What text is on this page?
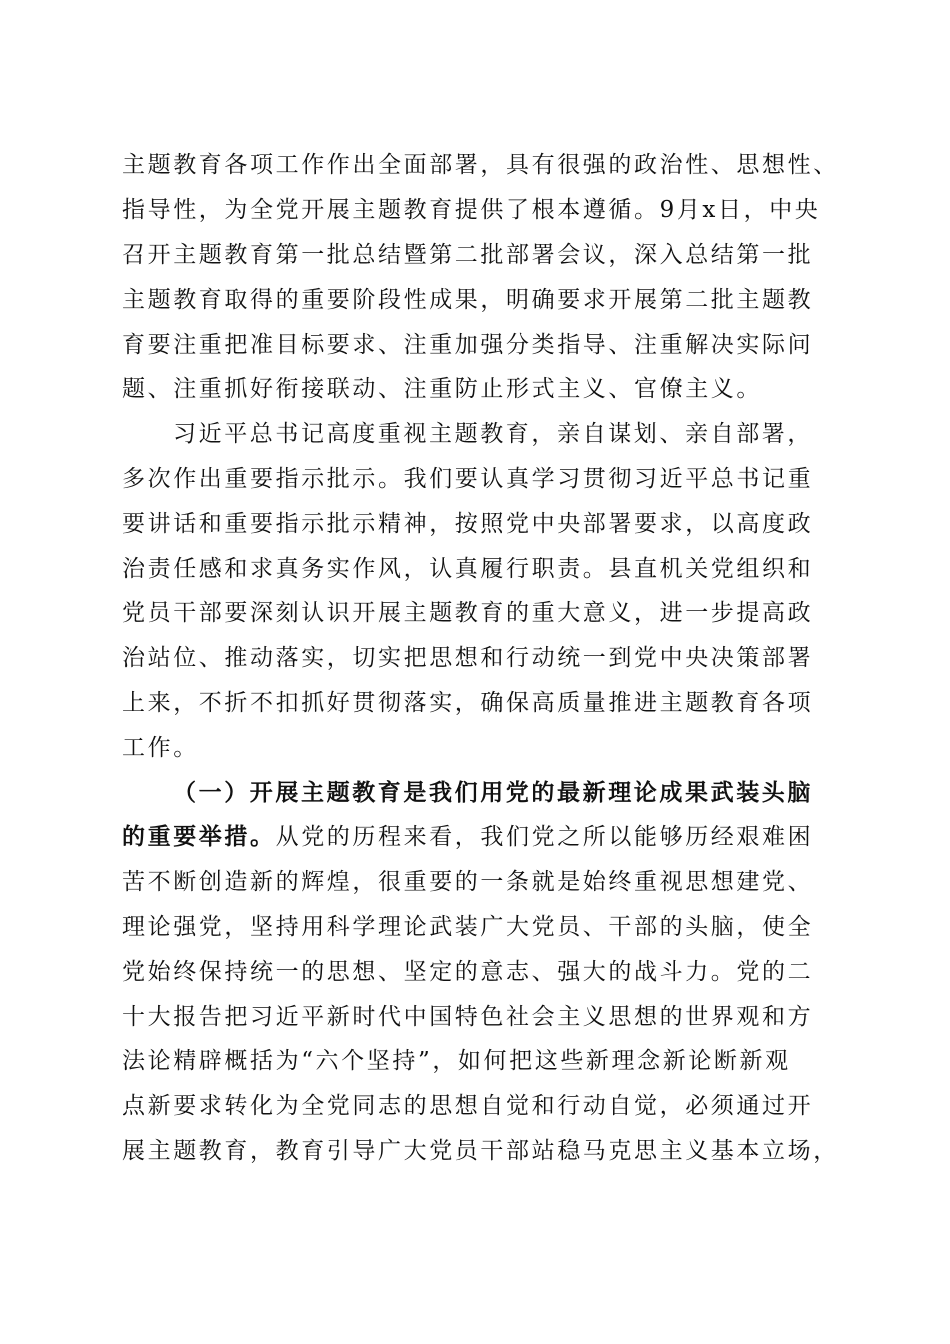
主题教育各项工作作出全面部署，具有很强的政治性、思想性、
指导性，为全党开展主题教育提供了根本遵循。9月x日，中央
召开主题教育第一批总结暨第二批部署会议，深入总结第一批
主题教育取得的重要阶段性成果，明确要求开展第二批主题教
育要注重把准目标要求、注重加强分类指导、注重解决实际问
题、注重抓好衔接联动、注重防止形式主义、官僚主义。
习近平总书记高度重视主题教育，亲自谋划、亲自部署，
多次作出重要指示批示。我们要认真学习贯彻习近平总书记重
要讲话和重要指示批示精神，按照党中央部署要求，以高度政
治责任感和求真务实作风，认真履行职责。县直机关党组织和
党员干部要深刻认识开展主题教育的重大意义，进一步提高政
治站位、推动落实，切实把思想和行动统一到党中央决策部署
上来，不折不扣抓好贯彻落实，确保高质量推进主题教育各项
工作。
（一）开展主题教育是我们用党的最新理论成果武装头脑
的重要举措。从党的历程来看，我们党之所以能够历经艰难困
苦不断创造新的辉煌，很重要的一条就是始终重视思想建党、
理论强党，坚持用科学理论武装广大党员、干部的头脑，使全
党始终保持统一的思想、坚定的意志、强大的战斗力。党的二
十大报告把习近平新时代中国特色社会主义思想的世界观和方
法论精辟概括为“六个坚持”，如何把这些新理念新论断新观
点新要求转化为全党同志的思想自觉和行动自觉，必须通过开
展主题教育，教育引导广大党员干部站稳马克思主义基本立场，
